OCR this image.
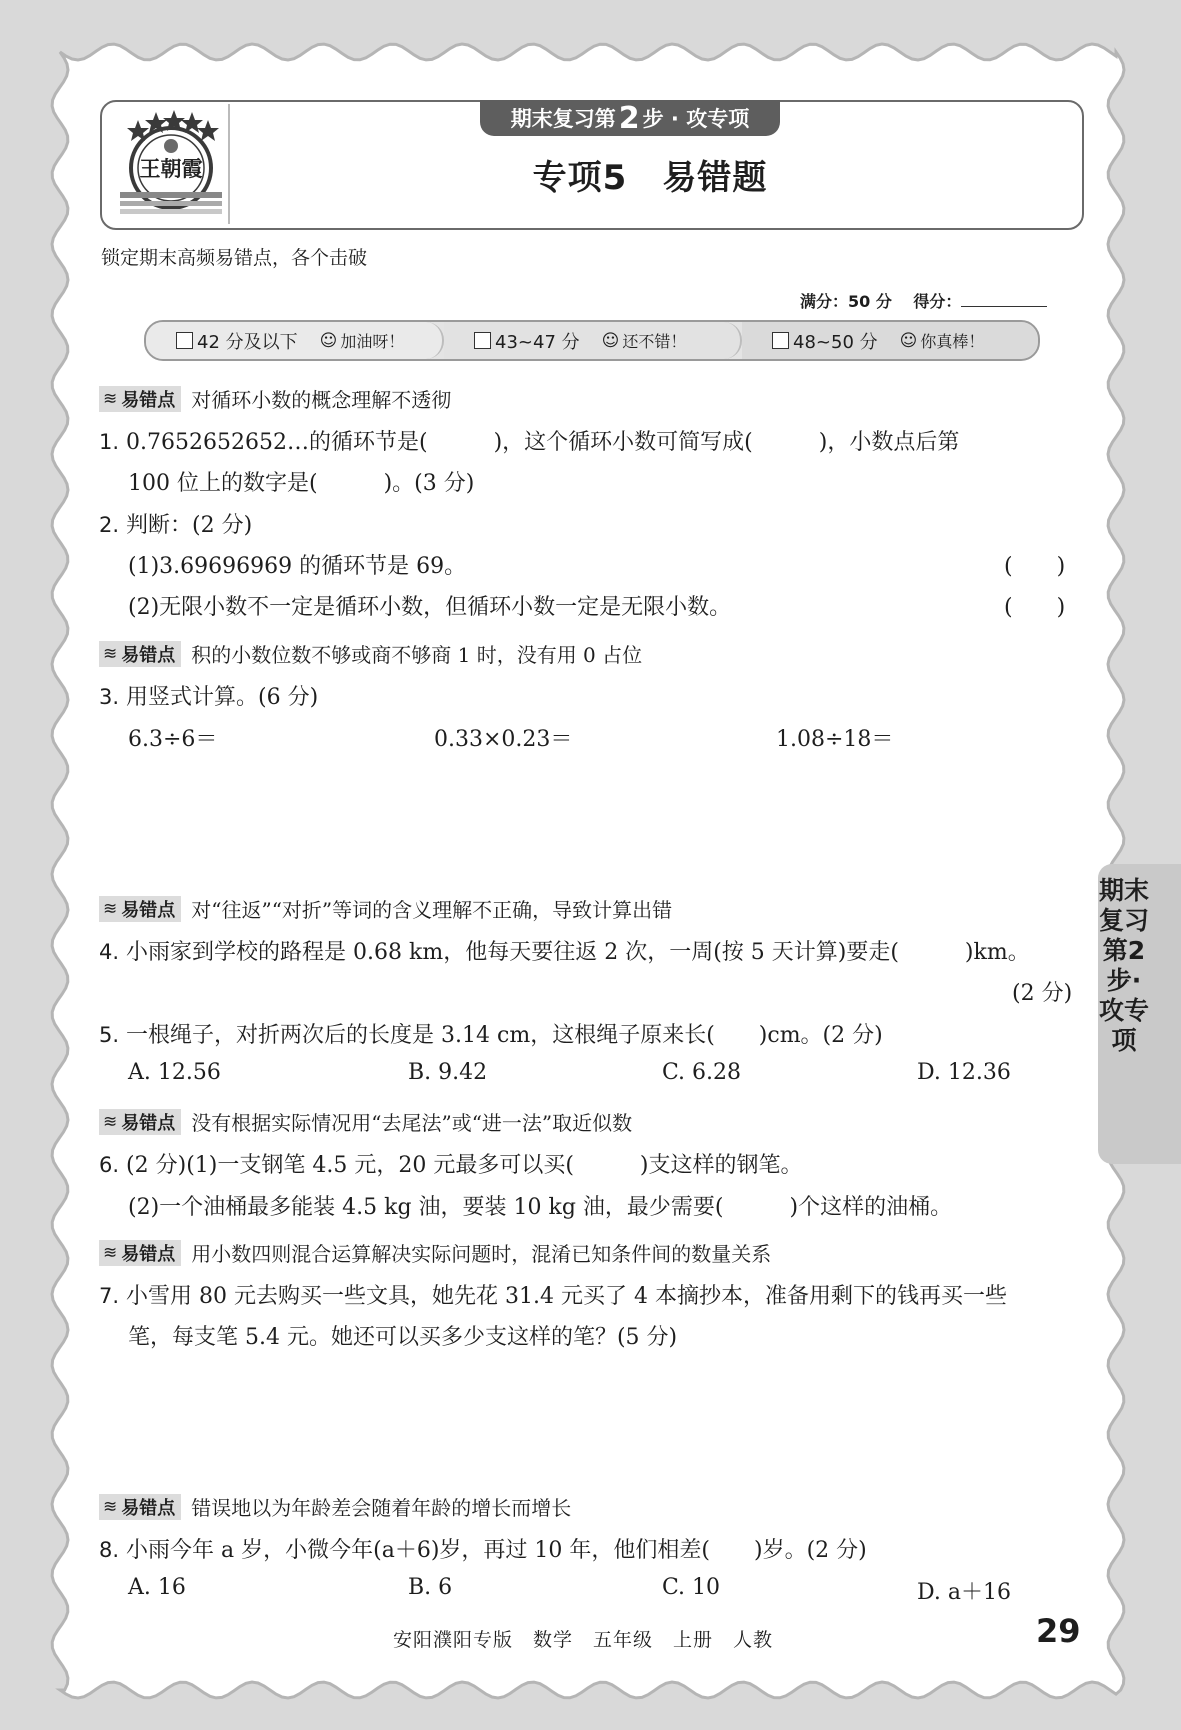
王朝霞
期末复习第 2 步 · 攻专项
专项5　易错题
锁定期末高频易错点，各个击破
满分：50 分　 得分：
42 分及以下 ☺ 加油呀！	43~47 分 ☺ 还不错！	48~50 分 ☺ 你真棒！
≋ 易错点 对循环小数的概念理解不透彻
1. 0.7652652652…的循环节是(　　　)，这个循环小数可简写成(　　　)，小数点后第
100 位上的数字是(　　　)。(3 分)
2. 判断：(2 分)
(1)3.69696969 的循环节是 69。	(　　)
(2)无限小数不一定是循环小数，但循环小数一定是无限小数。	(　　)
≋ 易错点 积的小数位数不够或商不够商 1 时，没有用 0 占位
3. 用竖式计算。(6 分)
6.3÷6＝	0.33×0.23＝	1.08÷18＝
≋ 易错点 对“往返”“对折”等词的含义理解不正确，导致计算出错
4. 小雨家到学校的路程是 0.68 km，他每天要往返 2 次，一周(按 5 天计算)要走(　　　)km。
(2 分)
5. 一根绳子，对折两次后的长度是 3.14 cm，这根绳子原来长(　　)cm。(2 分)
A. 12.56	B. 9.42	C. 6.28	D. 12.36
≋ 易错点 没有根据实际情况用“去尾法”或“进一法”取近似数
6. (2 分)(1)一支钢笔 4.5 元，20 元最多可以买(　　　)支这样的钢笔。
(2)一个油桶最多能装 4.5 kg 油，要装 10 kg 油，最少需要(　　　)个这样的油桶。
≋ 易错点 用小数四则混合运算解决实际问题时，混淆已知条件间的数量关系
7. 小雪用 80 元去购买一些文具，她先花 31.4 元买了 4 本摘抄本，准备用剩下的钱再买一些
笔，每支笔 5.4 元。她还可以买多少支这样的笔？(5 分)
≋ 易错点 错误地以为年龄差会随着年龄的增长而增长
8. 小雨今年 a 岁，小微今年(a＋6)岁，再过 10 年，他们相差(　　)岁。(2 分)
A. 16	B. 6	C. 10	D. a＋16
期末复习第2步·攻专项
安阳濮阳专版　数学　五年级　上册　人教	29
